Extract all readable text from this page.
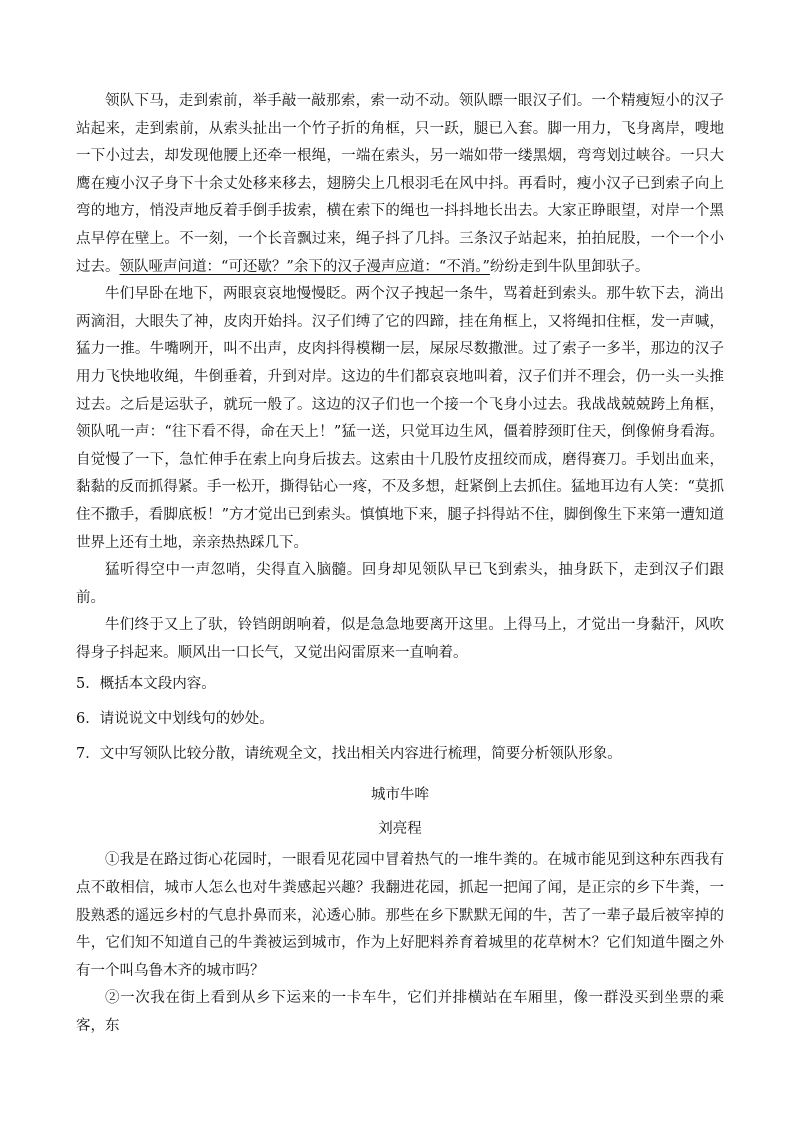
领队下马，走到索前，举手敲一敲那索，索一动不动。领队瞟一眼汉子们。一个精瘦短小的汉子站起来，走到索前，从索头扯出一个竹子折的角框，只一跃，腿已入套。脚一用力，飞身离岸，嗖地一下小过去，却发现他腰上还牵一根绳，一端在索头，另一端如带一缕黑烟，弯弯划过峡谷。一只大鹰在瘦小汉子身下十余丈处移来移去，翅膀尖上几根羽毛在风中抖。再看时，瘦小汉子已到索子向上弯的地方，悄没声地反着手倒手拔索，横在索下的绳也一抖抖地长出去。大家正睁眼望，对岸一个黑点早停在壁上。不一刻，一个长音飘过来，绳子抖了几抖。三条汉子站起来，拍拍屁股，一个一个小过去。领队哑声问道：“可还歇？”余下的汉子漫声应道：“不消。”纷纷走到牛队里卸驮子。

牛们早卧在地下，两眼哀哀地慢慢眨。两个汉子拽起一条牛，骂着赶到索头。那牛软下去，淌出两滴泪，大眼失了神，皮肉开始抖。汉子们缚了它的四蹄，挂在角框上，又将绳扣住框，发一声喊，猛力一推。牛嘴咧开，叫不出声，皮肉抖得模糊一层，屎尿尽数撒泄。过了索子一多半，那边的汉子用力飞快地收绳，牛倒垂着，升到对岸。这边的牛们都哀哀地叫着，汉子们并不理会，仍一头一头推过去。之后是运驮子，就玩一般了。这边的汉子们也一个接一个飞身小过去。我战战兢兢跨上角框，领队吼一声：“往下看不得，命在天上！”猛一送，只觉耳边生风，僵着脖颈盯住天，倒像俯身看海。自觉慢了一下，急忙伸手在索上向身后拔去。这索由十几股竹皮扭绞而成，磨得赛刀。手划出血来，黏黏的反而抓得紧。手一松开，撕得钻心一疼，不及多想，赶紧倒上去抓住。猛地耳边有人笑：“莫抓住不撒手，看脚底板！”方才觉出已到索头。慎慎地下来，腿子抖得站不住，脚倒像生下来第一遭知道世界上还有土地，亲亲热热踩几下。

猛听得空中一声忽哨，尖得直入脑髓。回身却见领队早已飞到索头，抽身跃下，走到汉子们跟前。

牛们终于又上了驮，铃铛朗朗响着，似是急急地要离开这里。上得马上，才觉出一身黏汗，风吹得身子抖起来。顺风出一口长气，又觉出闷雷原来一直响着。

5．概括本文段内容。

6．请说说文中划线句的妙处。

7．文中写领队比较分散，请统观全文，找出相关内容进行梳理，简要分析领队形象。

城市牛哞

刘亮程

①我是在路过街心花园时，一眼看见花园中冒着热气的一堆牛粪的。在城市能见到这种东西我有点不敢相信，城市人怎么也对牛粪感起兴趣？我翻进花园，抓起一把闻了闻，是正宗的乡下牛粪，一股熟悉的遥远乡村的气息扑鼻而来，沁透心肺。那些在乡下默默无闻的牛，苦了一辈子最后被宰掉的牛，它们知不知道自己的牛粪被运到城市，作为上好肥料养育着城里的花草树木？它们知道牛圈之外有一个叫乌鲁木齐的城市吗？

②一次我在街上看到从乡下运来的一卡车牛，它们并排横站在车厢里，像一群没买到坐票的乘客，东
